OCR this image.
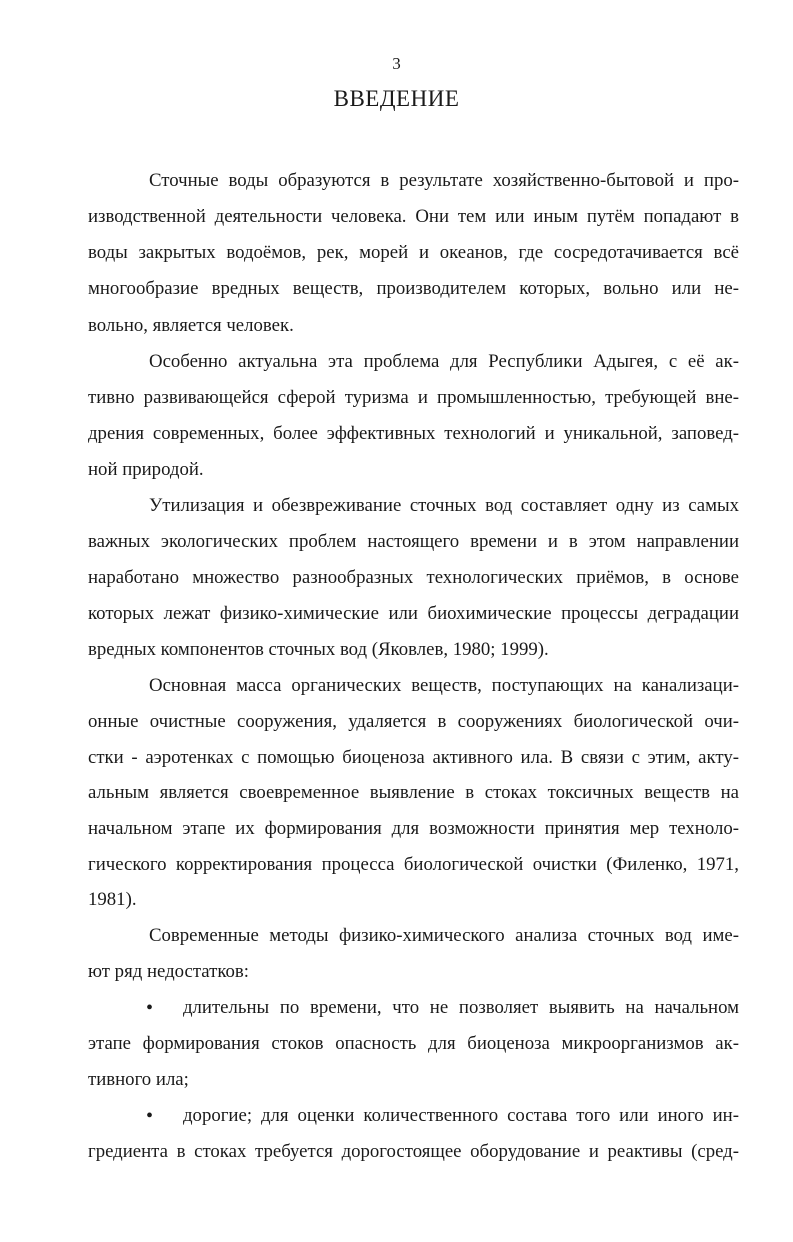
3
ВВЕДЕНИЕ
Сточные воды образуются в результате хозяйственно-бытовой и про-
изводственной деятельности человека. Они тем или иным путём попадают в
воды закрытых водоёмов, рек, морей и океанов, где сосредотачивается всё
многообразие вредных веществ, производителем которых, вольно или не-
вольно, является человек.
Особенно актуальна эта проблема для Республики Адыгея, с её ак-
тивно развивающейся сферой туризма и промышленностью, требующей вне-
дрения современных, более эффективных технологий и уникальной, заповед-
ной природой.
Утилизация и обезвреживание сточных вод составляет одну из самых
важных экологических проблем настоящего времени и в этом направлении
наработано множество разнообразных технологических приёмов, в основе
которых лежат физико-химические или биохимические процессы деградации
вредных компонентов сточных вод (Яковлев, 1980; 1999).
Основная масса органических веществ, поступающих на канализаци-
онные очистные сооружения, удаляется в сооружениях биологической очи-
стки - аэротенках с помощью биоценоза активного ила. В связи с этим, акту-
альным является своевременное выявление в стоках токсичных веществ на
начальном этапе их формирования для возможности принятия мер техноло-
гического корректирования процесса биологической очистки (Филенко, 1971,
1981).
Современные методы физико-химического анализа сточных вод име-
ют ряд недостатков:
• длительны по времени, что не позволяет выявить на начальном
этапе формирования стоков опасность для биоценоза микроорганизмов ак-
тивного ила;
• дорогие; для оценки количественного состава того или иного ин-
гредиента в стоках требуется дорогостоящее оборудование и реактивы (сред-
